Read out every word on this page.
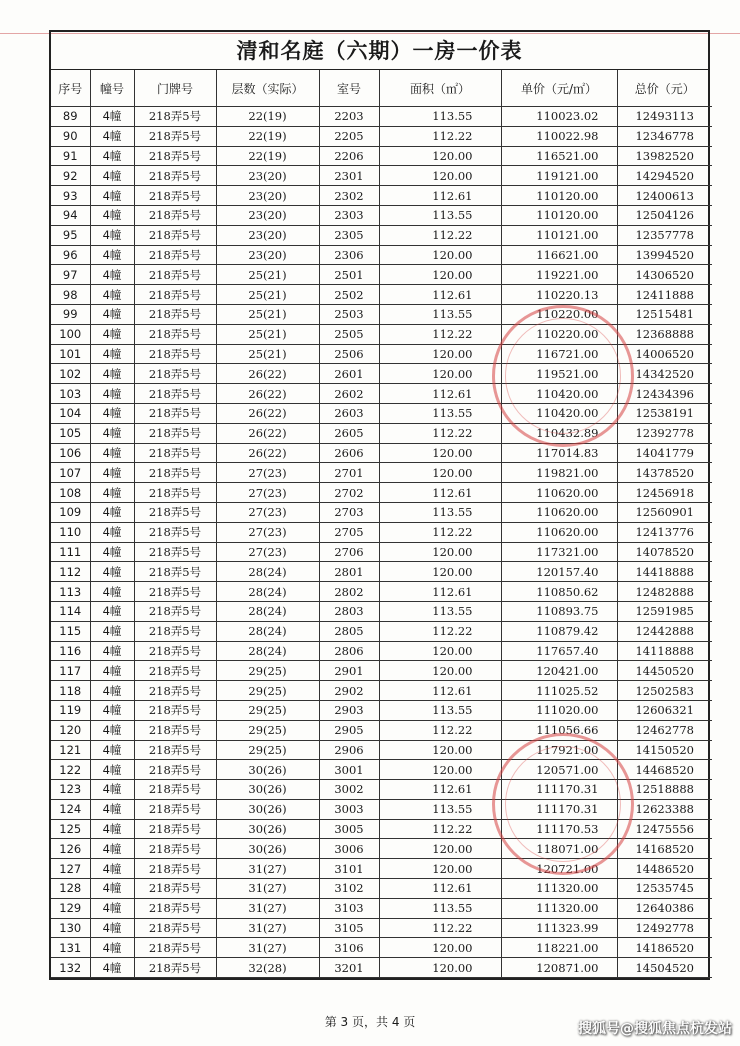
清和名庭（六期）一房一价表
序号	幢号	门牌号	层数（实际）	室号	面积（㎡）	单价（元/㎡）	总价（元）
89	4幢	218弄5号	22(19)	2203	113.55	110023.02	12493113
90	4幢	218弄5号	22(19)	2205	112.22	110022.98	12346778
91	4幢	218弄5号	22(19)	2206	120.00	116521.00	13982520
92	4幢	218弄5号	23(20)	2301	120.00	119121.00	14294520
93	4幢	218弄5号	23(20)	2302	112.61	110120.00	12400613
94	4幢	218弄5号	23(20)	2303	113.55	110120.00	12504126
95	4幢	218弄5号	23(20)	2305	112.22	110121.00	12357778
96	4幢	218弄5号	23(20)	2306	120.00	116621.00	13994520
97	4幢	218弄5号	25(21)	2501	120.00	119221.00	14306520
98	4幢	218弄5号	25(21)	2502	112.61	110220.13	12411888
99	4幢	218弄5号	25(21)	2503	113.55	110220.00	12515481
100	4幢	218弄5号	25(21)	2505	112.22	110220.00	12368888
101	4幢	218弄5号	25(21)	2506	120.00	116721.00	14006520
102	4幢	218弄5号	26(22)	2601	120.00	119521.00	14342520
103	4幢	218弄5号	26(22)	2602	112.61	110420.00	12434396
104	4幢	218弄5号	26(22)	2603	113.55	110420.00	12538191
105	4幢	218弄5号	26(22)	2605	112.22	110432.89	12392778
106	4幢	218弄5号	26(22)	2606	120.00	117014.83	14041779
107	4幢	218弄5号	27(23)	2701	120.00	119821.00	14378520
108	4幢	218弄5号	27(23)	2702	112.61	110620.00	12456918
109	4幢	218弄5号	27(23)	2703	113.55	110620.00	12560901
110	4幢	218弄5号	27(23)	2705	112.22	110620.00	12413776
111	4幢	218弄5号	27(23)	2706	120.00	117321.00	14078520
112	4幢	218弄5号	28(24)	2801	120.00	120157.40	14418888
113	4幢	218弄5号	28(24)	2802	112.61	110850.62	12482888
114	4幢	218弄5号	28(24)	2803	113.55	110893.75	12591985
115	4幢	218弄5号	28(24)	2805	112.22	110879.42	12442888
116	4幢	218弄5号	28(24)	2806	120.00	117657.40	14118888
117	4幢	218弄5号	29(25)	2901	120.00	120421.00	14450520
118	4幢	218弄5号	29(25)	2902	112.61	111025.52	12502583
119	4幢	218弄5号	29(25)	2903	113.55	111020.00	12606321
120	4幢	218弄5号	29(25)	2905	112.22	111056.66	12462778
121	4幢	218弄5号	29(25)	2906	120.00	117921.00	14150520
122	4幢	218弄5号	30(26)	3001	120.00	120571.00	14468520
123	4幢	218弄5号	30(26)	3002	112.61	111170.31	12518888
124	4幢	218弄5号	30(26)	3003	113.55	111170.31	12623388
125	4幢	218弄5号	30(26)	3005	112.22	111170.53	12475556
126	4幢	218弄5号	30(26)	3006	120.00	118071.00	14168520
127	4幢	218弄5号	31(27)	3101	120.00	120721.00	14486520
128	4幢	218弄5号	31(27)	3102	112.61	111320.00	12535745
129	4幢	218弄5号	31(27)	3103	113.55	111320.00	12640386
130	4幢	218弄5号	31(27)	3105	112.22	111323.99	12492778
131	4幢	218弄5号	31(27)	3106	120.00	118221.00	14186520
132	4幢	218弄5号	32(28)	3201	120.00	120871.00	14504520
第 3 页，共 4 页	搜狐号@搜狐焦点杭发站
